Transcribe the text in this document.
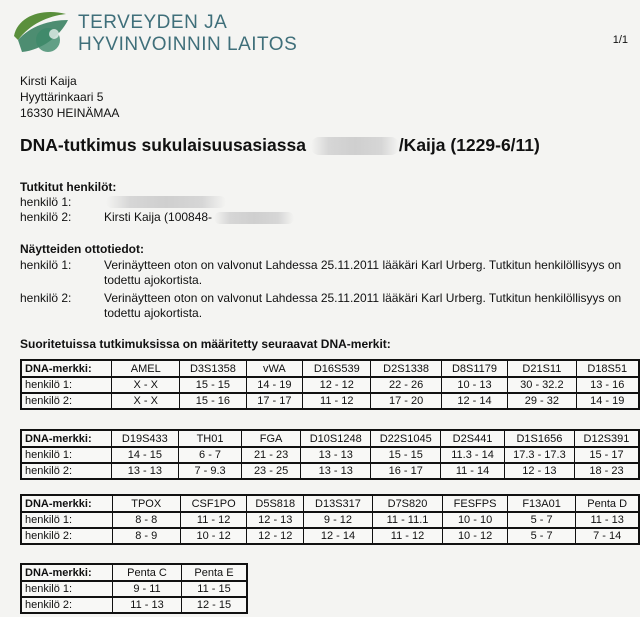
TERVEYDEN JA
HYVINVOINNIN LAITOS	1/1
Kirsti Kaija
Hyyttärinkaari 5
16330 HEINÄMAA
DNA-tutkimus sukulaisuusasiassa	/Kaija (1229-6/11)
Tutkitut henkilöt:
henkilö 1:
henkilö 2:	Kirsti Kaija (100848-
Näytteiden ottotiedot:
henkilö 1:	Verinäytteen oton on valvonut Lahdessa 25.11.2011 lääkäri Karl Urberg. Tutkitun henkilöllisyys on todettu ajokortista.
henkilö 2:	Verinäytteen oton on valvonut Lahdessa 25.11.2011 lääkäri Karl Urberg. Tutkitun henkilöllisyys on todettu ajokortista.
Suoritetuissa tutkimuksissa on määritetty seuraavat DNA-merkit:
DNA-merkki:	AMEL	D3S1358	vWA	D16S539	D2S1338	D8S1179	D21S11	D18S51
henkilö 1:	X - X	15 - 15	14 - 19	12 - 12	22 - 26	10 - 13	30 - 32.2	13 - 16
henkilö 2:	X - X	15 - 16	17 - 17	11 - 12	17 - 20	12 - 14	29 - 32	14 - 19
DNA-merkki:	D19S433	TH01	FGA	D10S1248	D22S1045	D2S441	D1S1656	D12S391
henkilö 1:	14 - 15	6 - 7	21 - 23	13 - 13	15 - 15	11.3 - 14	17.3 - 17.3	15 - 17
henkilö 2:	13 - 13	7 - 9.3	23 - 25	13 - 13	16 - 17	11 - 14	12 - 13	18 - 23
DNA-merkki:	TPOX	CSF1PO	D5S818	D13S317	D7S820	FESFPS	F13A01	Penta D
henkilö 1:	8 - 8	11 - 12	12 - 13	9 - 12	11 - 11.1	10 - 10	5 - 7	11 - 13
henkilö 2:	8 - 9	10 - 12	12 - 12	12 - 14	11 - 12	10 - 12	5 - 7	7 - 14
DNA-merkki:	Penta C	Penta E
henkilö 1:	9 - 11	11 - 15
henkilö 2:	11 - 13	12 - 15
